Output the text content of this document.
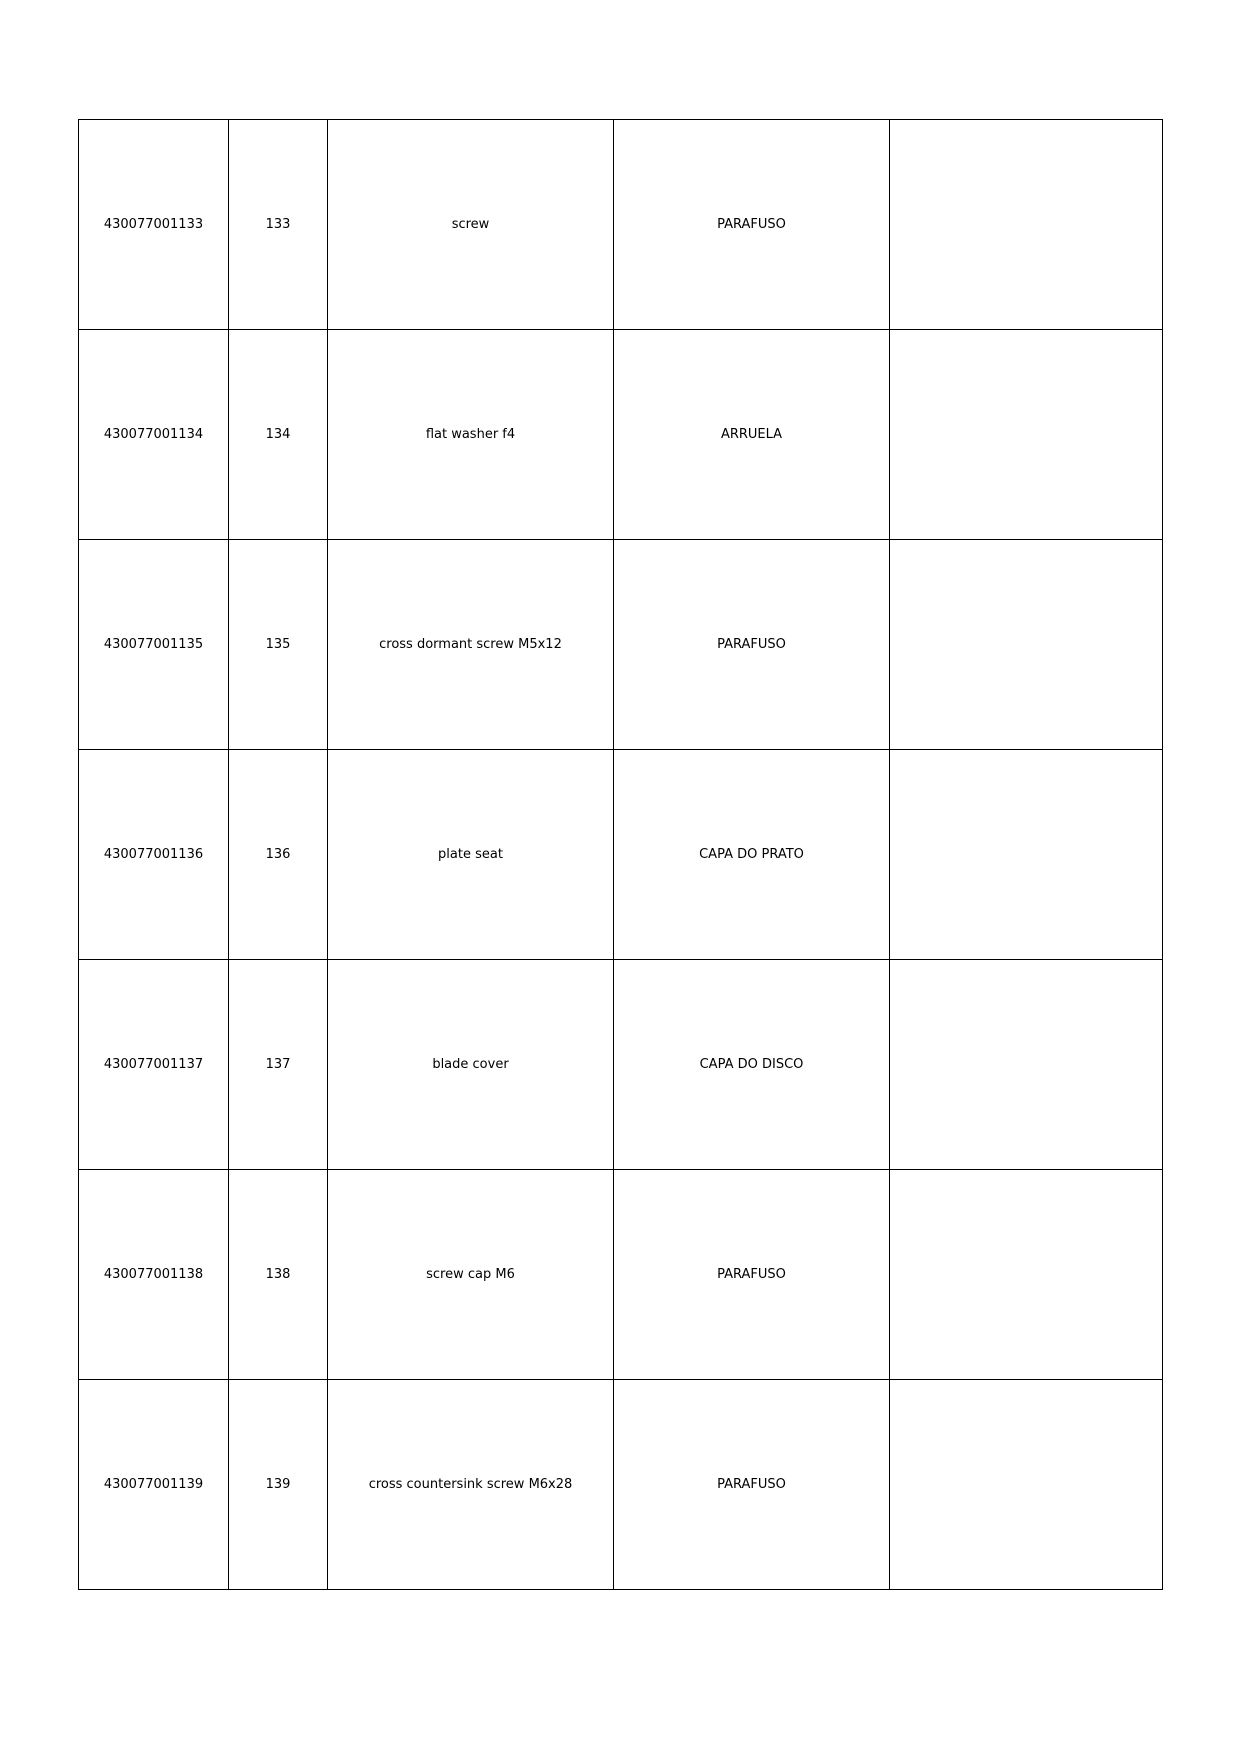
430077001133	133	screw	PARAFUSO	
430077001134	134	flat washer f4	ARRUELA	
430077001135	135	cross dormant screw M5x12	PARAFUSO	
430077001136	136	plate seat	CAPA DO PRATO	
430077001137	137	blade cover	CAPA DO DISCO	
430077001138	138	screw cap M6	PARAFUSO	
430077001139	139	cross countersink screw M6x28	PARAFUSO	
